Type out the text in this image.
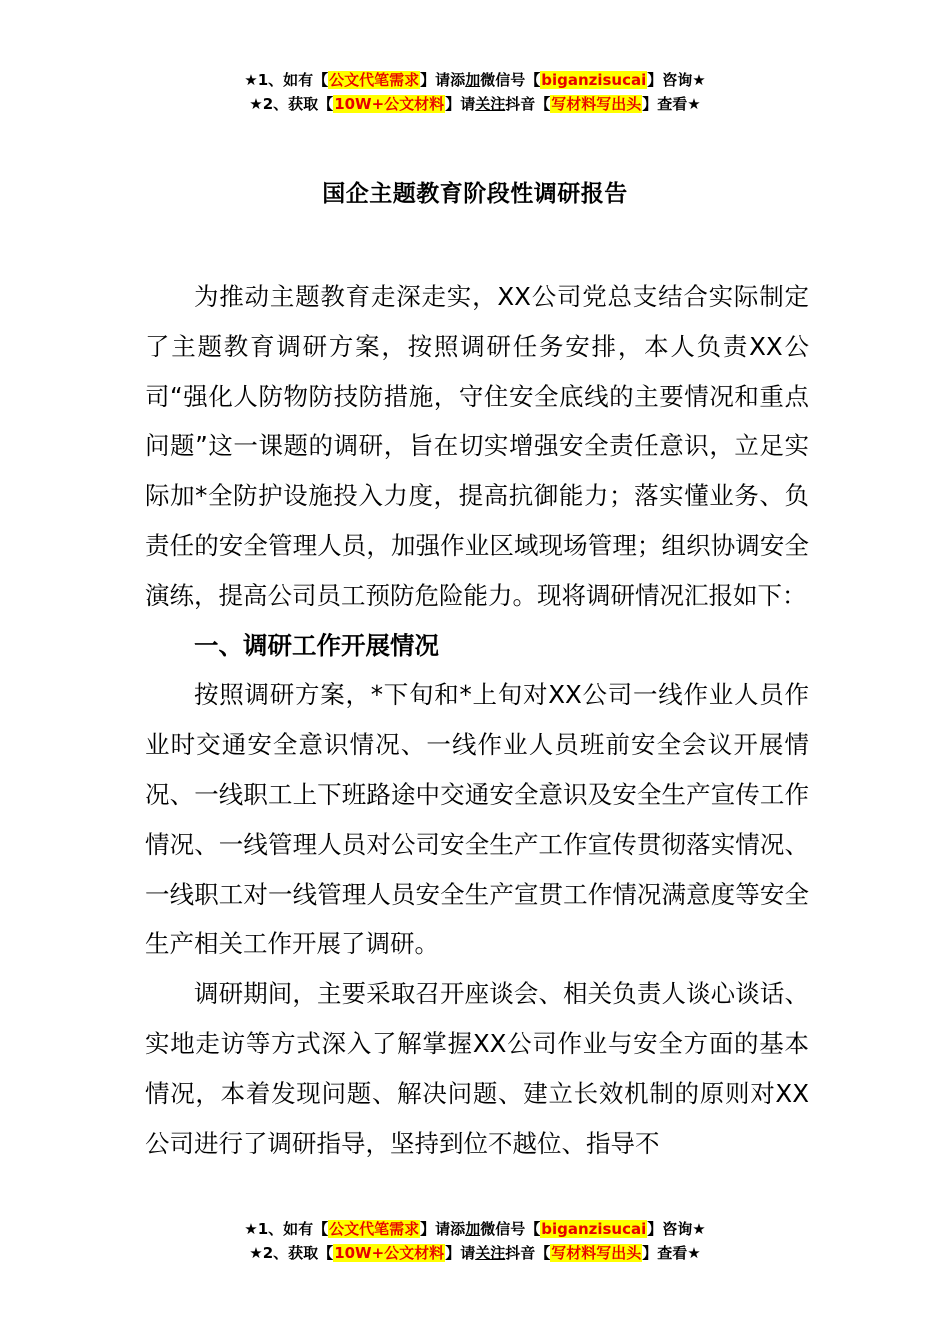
★1、如有【公文代笔需求】请添加微信号【biganzisucai】咨询★
★2、获取【10W+公文材料】请关注抖音【写材料写出头】查看★
国企主题教育阶段性调研报告

为推动主题教育走深走实，XX公司党总支结合实际制定了主题教育调研方案，按照调研任务安排，本人负责XX公司“强化人防物防技防措施，守住安全底线的主要情况和重点问题”这一课题的调研，旨在切实增强安全责任意识，立足实际加*全防护设施投入力度，提高抗御能力；落实懂业务、负责任的安全管理人员，加强作业区域现场管理；组织协调安全演练，提高公司员工预防危险能力。现将调研情况汇报如下：

一、调研工作开展情况

按照调研方案，*下旬和*上旬对XX公司一线作业人员作业时交通安全意识情况、一线作业人员班前安全会议开展情况、一线职工上下班路途中交通安全意识及安全生产宣传工作情况、一线管理人员对公司安全生产工作宣传贯彻落实情况、一线职工对一线管理人员安全生产宣贯工作情况满意度等安全生产相关工作开展了调研。

调研期间，主要采取召开座谈会、相关负责人谈心谈话、实地走访等方式深入了解掌握XX公司作业与安全方面的基本情况，本着发现问题、解决问题、建立长效机制的原则对XX公司进行了调研指导，坚持到位不越位、指导不

★1、如有【公文代笔需求】请添加微信号【biganzisucai】咨询★
★2、获取【10W+公文材料】请关注抖音【写材料写出头】查看★
